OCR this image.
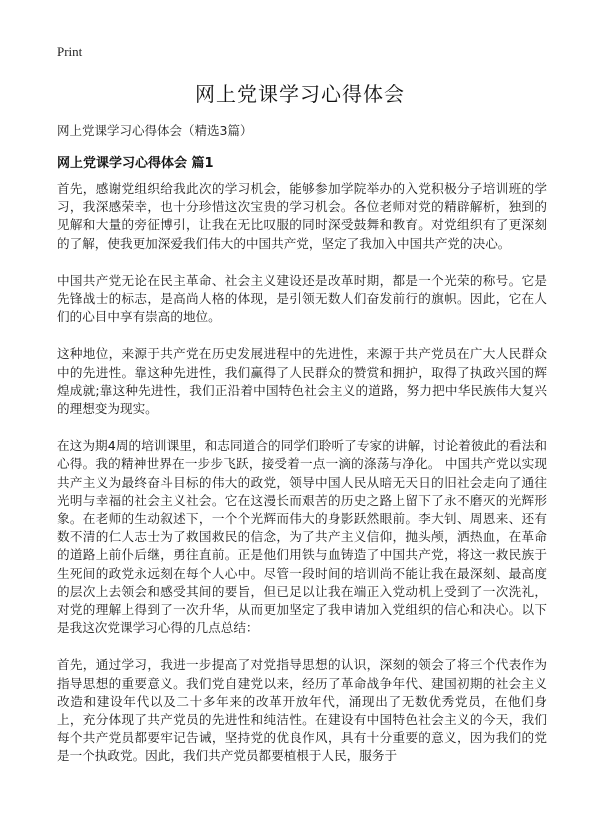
Print
网上党课学习心得体会
网上党课学习心得体会（精选3篇）
网上党课学习心得体会 篇1

首先，感谢党组织给我此次的学习机会，能够参加学院举办的入党积极分子培训班的学习，我深感荣幸，也十分珍惜这次宝贵的学习机会。各位老师对党的精辟解析，独到的见解和大量的旁征博引，让我在无比叹服的同时深受鼓舞和教育。对党组织有了更深刻的了解，使我更加深爱我们伟大的中国共产党，坚定了我加入中国共产党的决心。

中国共产党无论在民主革命、社会主义建设还是改革时期，都是一个光荣的称号。它是先锋战士的标志，是高尚人格的体现，是引领无数人们奋发前行的旗帜。因此，它在人们的心目中享有崇高的地位。

这种地位，来源于共产党在历史发展进程中的先进性，来源于共产党员在广大人民群众中的先进性。靠这种先进性，我们赢得了人民群众的赞赏和拥护，取得了执政兴国的辉煌成就;靠这种先进性，我们正沿着中国特色社会主义的道路，努力把中华民族伟大复兴的理想变为现实。

在这为期4周的培训课里，和志同道合的同学们聆听了专家的讲解，讨论着彼此的看法和心得。我的精神世界在一步步飞跃，接受着一点一滴的涤荡与净化。 中国共产党以实现共产主义为最终奋斗目标的伟大的政党，领导中国人民从暗无天日的旧社会走向了通往光明与幸福的社会主义社会。它在这漫长而艰苦的历史之路上留下了永不磨灭的光辉形象。在老师的生动叙述下，一个个光辉而伟大的身影跃然眼前。李大钊、周恩来、还有数不清的仁人志士为了救国救民的信念，为了共产主义信仰，抛头颅，洒热血，在革命的道路上前仆后继，勇往直前。正是他们用铁与血铸造了中国共产党，将这一救民族于生死间的政党永远刻在每个人心中。尽管一段时间的培训尚不能让我在最深刻、最高度的层次上去领会和感受其间的要旨，但已足以让我在端正入党动机上受到了一次洗礼，对党的理解上得到了一次升华，从而更加坚定了我申请加入党组织的信心和决心。以下是我这次党课学习心得的几点总结：

首先，通过学习，我进一步提高了对党指导思想的认识，深刻的领会了将三个代表作为指导思想的重要意义。我们党自建党以来，经历了革命战争年代、建国初期的社会主义改造和建设年代以及二十多年来的改革开放年代，涌现出了无数优秀党员，在他们身上，充分体现了共产党员的先进性和纯洁性。在建设有中国特色社会主义的今天，我们每个共产党员都要牢记告诫，坚持党的优良作风，具有十分重要的意义，因为我们的党是一个执政党。因此，我们共产党员都要植根于人民，服务于
